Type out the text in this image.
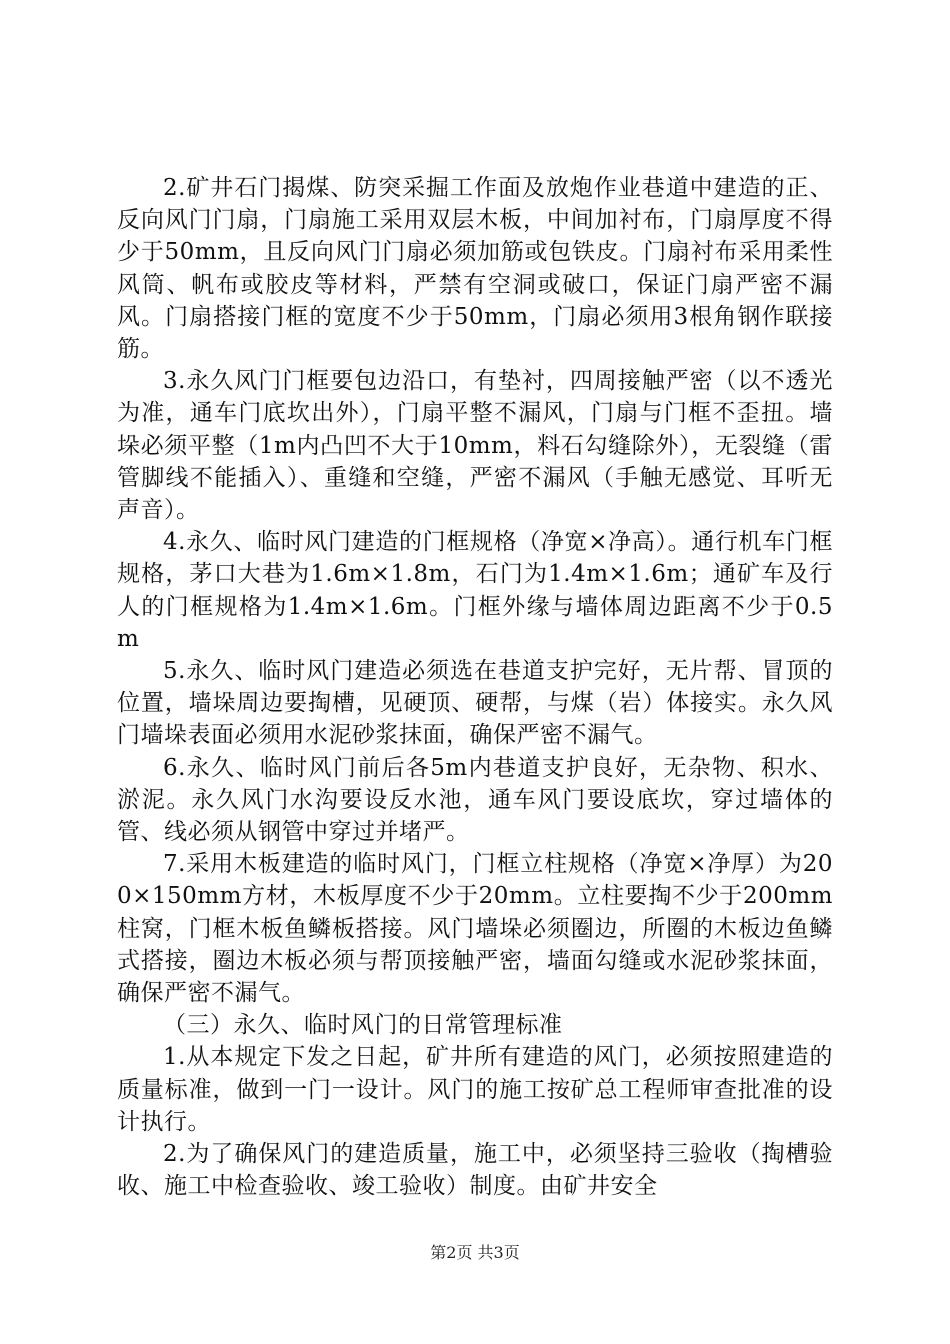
2.矿井石门揭煤、防突采掘工作面及放炮作业巷道中建造的正、反向风门门扇，门扇施工采用双层木板，中间加衬布，门扇厚度不得少于50mm，且反向风门门扇必须加筋或包铁皮。门扇衬布采用柔性风筒、帆布或胶皮等材料，严禁有空洞或破口，保证门扇严密不漏风。门扇搭接门框的宽度不少于50mm，门扇必须用3根角钢作联接筋。

3.永久风门门框要包边沿口，有垫衬，四周接触严密（以不透光为准，通车门底坎出外），门扇平整不漏风，门扇与门框不歪扭。墙垛必须平整（1m内凸凹不大于10mm，料石勾缝除外），无裂缝（雷管脚线不能插入）、重缝和空缝，严密不漏风（手触无感觉、耳听无声音）。

4.永久、临时风门建造的门框规格（净宽×净高）。通行机车门框规格，茅口大巷为1.6m×1.8m，石门为1.4m×1.6m；通矿车及行人的门框规格为1.4m×1.6m。门框外缘与墙体周边距离不少于0.5m

5.永久、临时风门建造必须选在巷道支护完好，无片帮、冒顶的位置，墙垛周边要掏槽，见硬顶、硬帮，与煤（岩）体接实。永久风门墙垛表面必须用水泥砂浆抹面，确保严密不漏气。

6.永久、临时风门前后各5m内巷道支护良好，无杂物、积水、淤泥。永久风门水沟要设反水池，通车风门要设底坎，穿过墙体的管、线必须从钢管中穿过并堵严。

7.采用木板建造的临时风门，门框立柱规格（净宽×净厚）为200×150mm方材，木板厚度不少于20mm。立柱要掏不少于200mm柱窝，门框木板鱼鳞板搭接。风门墙垛必须圈边，所圈的木板边鱼鳞式搭接，圈边木板必须与帮顶接触严密，墙面勾缝或水泥砂浆抹面，确保严密不漏气。

（三）永久、临时风门的日常管理标准

1.从本规定下发之日起，矿井所有建造的风门，必须按照建造的质量标准，做到一门一设计。风门的施工按矿总工程师审查批准的设计执行。

2.为了确保风门的建造质量，施工中，必须坚持三验收（掏槽验收、施工中检查验收、竣工验收）制度。由矿井安全

第2页 共3页
